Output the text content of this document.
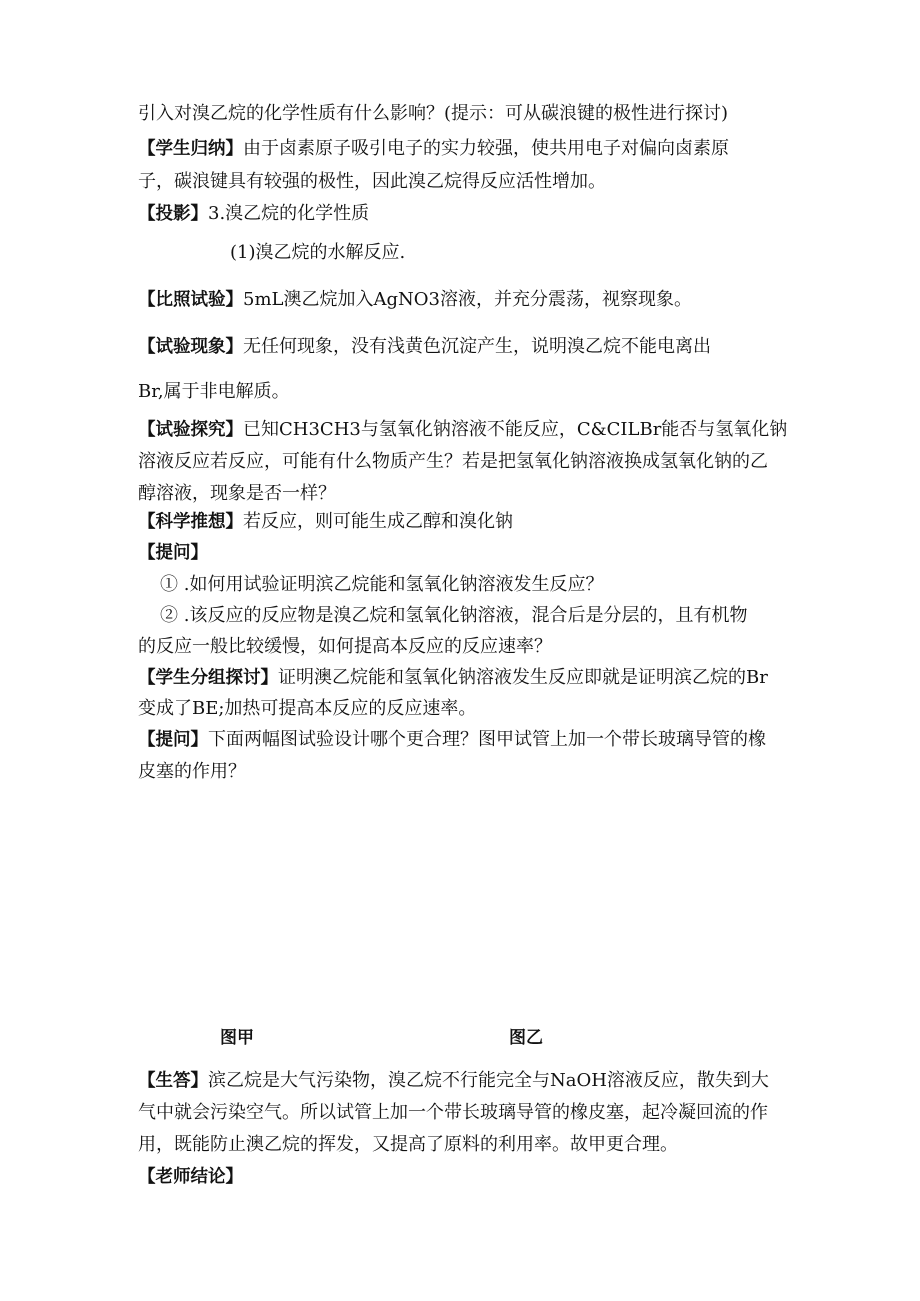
引入对溴乙烷的化学性质有什么影响？(提示：可从碳浪键的极性进行探讨)
【学生归纳】由于卤素原子吸引电子的实力较强，使共用电子对偏向卤素原
子，碳浪键具有较强的极性，因此溴乙烷得反应活性增加。
【投影】3.溴乙烷的化学性质
(1)溴乙烷的水解反应.
【比照试验】5mL澳乙烷加入AgNO3溶液，并充分震荡，视察现象。
【试验现象】无任何现象，没有浅黄色沉淀产生，说明溴乙烷不能电离出
Br,属于非电解质。
【试验探究】已知CH3CH3与氢氧化钠溶液不能反应，C&CILBr能否与氢氧化钠
溶液反应若反应，可能有什么物质产生？若是把氢氧化钠溶液换成氢氧化钠的乙
醇溶液，现象是否一样？
【科学推想】若反应，则可能生成乙醇和溴化钠
【提问】
① .如何用试验证明滨乙烷能和氢氧化钠溶液发生反应？
② .该反应的反应物是溴乙烷和氢氧化钠溶液，混合后是分层的，且有机物
的反应一般比较缓慢，如何提高本反应的反应速率？
【学生分组探讨】证明澳乙烷能和氢氧化钠溶液发生反应即就是证明滨乙烷的Br
变成了BE;加热可提高本反应的反应速率。
【提问】下面两幅图试验设计哪个更合理？图甲试管上加一个带长玻璃导管的橡
皮塞的作用？
图甲	图乙
【生答】滨乙烷是大气污染物，溴乙烷不行能完全与NaOH溶液反应，散失到大
气中就会污染空气。所以试管上加一个带长玻璃导管的橡皮塞，起冷凝回流的作
用，既能防止澳乙烷的挥发，又提高了原料的利用率。故甲更合理。
【老师结论】
